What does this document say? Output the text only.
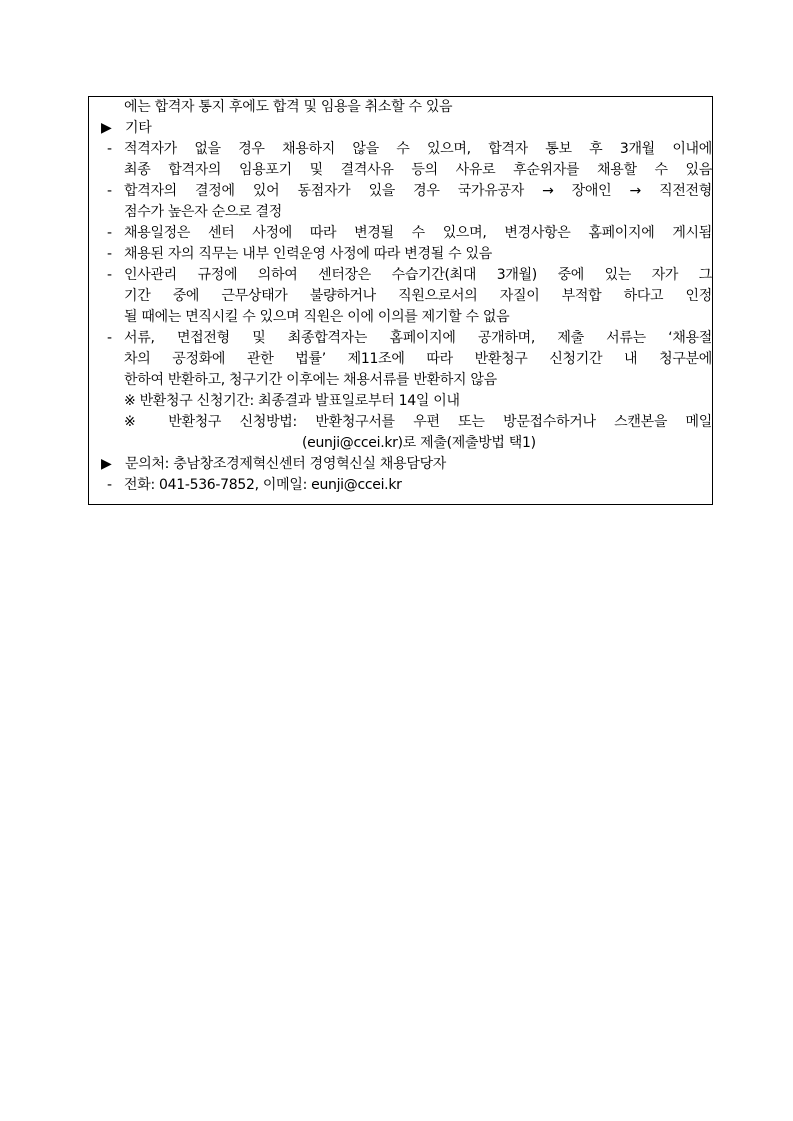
에는 합격자 통지 후에도 합격 및 임용을 취소할 수 있음
▶ 기타
- 적격자가 없을 경우 채용하지 않을 수 있으며, 합격자 통보 후 3개월 이내에
최종 합격자의 임용포기 및 결격사유 등의 사유로 후순위자를 채용할 수 있음
- 합격자의 결정에 있어 동점자가 있을 경우 국가유공자 → 장애인 → 직전전형
점수가 높은자 순으로 결정
- 채용일정은 센터 사정에 따라 변경될 수 있으며, 변경사항은 홈페이지에 게시됨
- 채용된 자의 직무는 내부 인력운영 사정에 따라 변경될 수 있음
- 인사관리 규정에 의하여 센터장은 수습기간(최대 3개월) 중에 있는 자가 그
기간 중에 근무상태가 불량하거나 직원으로서의 자질이 부적합 하다고 인정
될 때에는 면직시킬 수 있으며 직원은 이에 이의를 제기할 수 없음
- 서류, 면접전형 및 최종합격자는 홈페이지에 공개하며, 제출 서류는 ‘채용절
차의 공정화에 관한 법률’ 제11조에 따라 반환청구 신청기간 내 청구분에
한하여 반환하고, 청구기간 이후에는 채용서류를 반환하지 않음
※ 반환청구 신청기간: 최종결과 발표일로부터 14일 이내
※ 반환청구 신청방법: 반환청구서를 우편 또는 방문접수하거나 스캔본을 메일
(eunji@ccei.kr)로 제출(제출방법 택1)
▶ 문의처: 충남창조경제혁신센터 경영혁신실 채용담당자
- 전화: 041-536-7852, 이메일: eunji@ccei.kr
